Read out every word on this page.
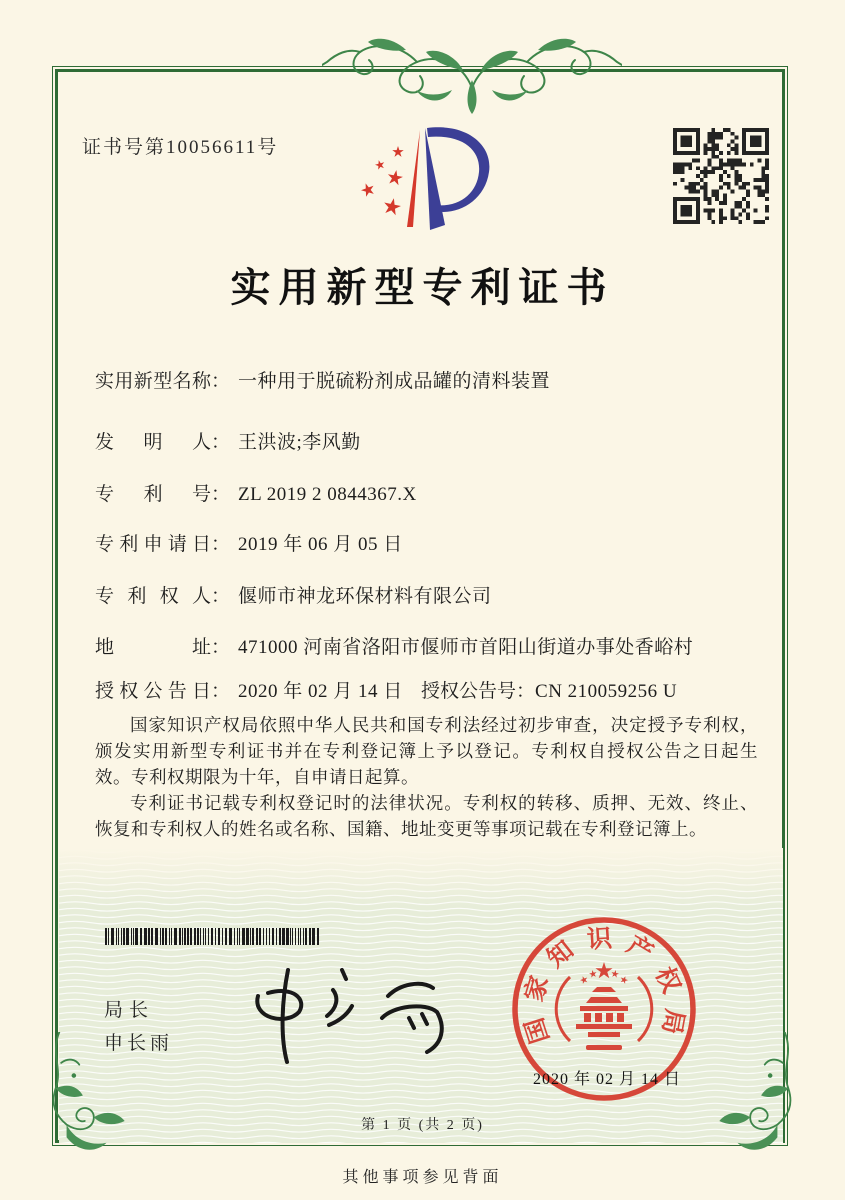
证书号第10056611号
实用新型专利证书
实用新型名称： 一种用于脱硫粉剂成品罐的清料装置
发明人： 王洪波;李风勤
专利号： ZL 2019 2 0844367.X
专利申请日： 2019 年 06 月 05 日
专利权人： 偃师市神龙环保材料有限公司
地址： 471000 河南省洛阳市偃师市首阳山街道办事处香峪村
授权公告日： 2020 年 02 月 14 日 授权公告号：CN 210059256 U

国家知识产权局依照中华人民共和国专利法经过初步审查，决定授予专利权，颁发实用新型专利证书并在专利登记簿上予以登记。专利权自授权公告之日起生效。专利权期限为十年，自申请日起算。

专利证书记载专利权登记时的法律状况。专利权的转移、质押、无效、终止、恢复和专利权人的姓名或名称、国籍、地址变更等事项记载在专利登记簿上。

局长
申长雨	国家知识产权局
2020 年 02 月 14 日
第 1 页 (共 2 页)
其他事项参见背面
